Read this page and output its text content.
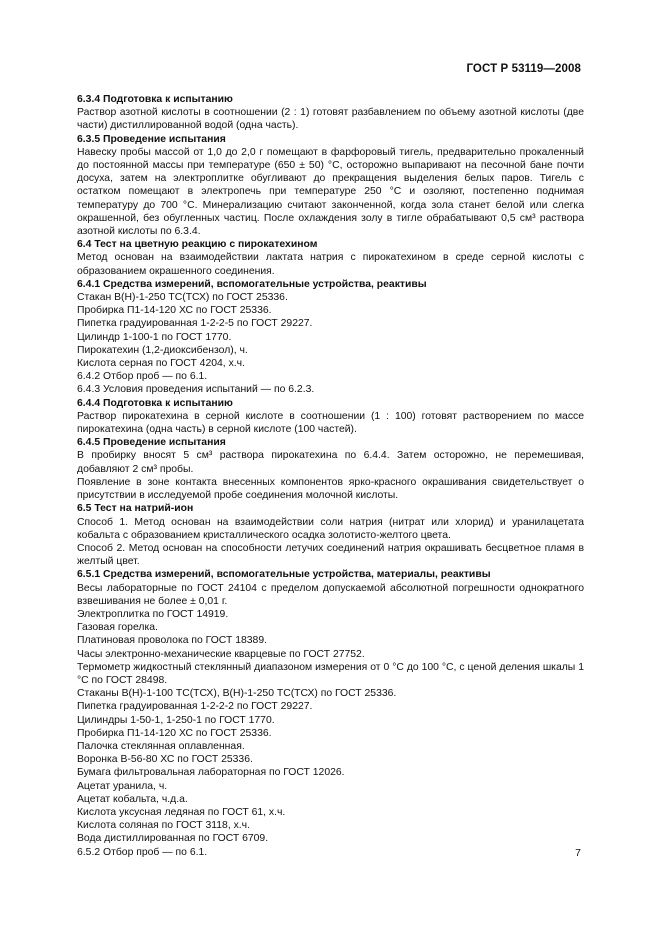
ГОСТ Р 53119—2008

6.3.4 Подготовка к испытанию

Раствор азотной кислоты в соотношении (2 : 1) готовят разбавлением по объему азотной кислоты (две части) дистиллированной водой (одна часть).

6.3.5 Проведение испытания

Навеску пробы массой от 1,0 до 2,0 г помещают в фарфоровый тигель, предварительно прокаленный до постоянной массы при температуре (650 ± 50) °С, осторожно выпаривают на песочной бане почти досуха, затем на электроплитке обугливают до прекращения выделения белых паров. Тигель с остатком помещают в электропечь при температуре 250 °С и озоляют, постепенно поднимая температуру до 700 °С. Минерализацию считают законченной, когда зола станет белой или слегка окрашенной, без обугленных частиц. После охлаждения золу в тигле обрабатывают 0,5 см³ раствора азотной кислоты по 6.3.4.

6.4 Тест на цветную реакцию с пирокатехином

Метод основан на взаимодействии лактата натрия с пирокатехином в среде серной кислоты с образованием окрашенного соединения.

6.4.1 Средства измерений, вспомогательные устройства, реактивы

Стакан В(Н)-1-250 ТС(ТСХ) по ГОСТ 25336.

Пробирка П1-14-120 ХС по ГОСТ 25336.

Пипетка градуированная 1-2-2-5 по ГОСТ 29227.

Цилиндр 1-100-1 по ГОСТ 1770.

Пирокатехин (1,2-диоксибензол), ч.

Кислота серная по ГОСТ 4204, х.ч.

6.4.2 Отбор проб — по 6.1.

6.4.3 Условия проведения испытаний — по 6.2.3.

6.4.4 Подготовка к испытанию

Раствор пирокатехина в серной кислоте в соотношении (1 : 100) готовят растворением по массе пирокатехина (одна часть) в серной кислоте (100 частей).

6.4.5 Проведение испытания

В пробирку вносят 5 см³ раствора пирокатехина по 6.4.4. Затем осторожно, не перемешивая, добавляют 2 см³ пробы.

Появление в зоне контакта внесенных компонентов ярко-красного окрашивания свидетельствует о присутствии в исследуемой пробе соединения молочной кислоты.

6.5 Тест на натрий-ион

Способ 1. Метод основан на взаимодействии соли натрия (нитрат или хлорид) и уранилацетата кобальта с образованием кристаллического осадка золотисто-желтого цвета.

Способ 2. Метод основан на способности летучих соединений натрия окрашивать бесцветное пламя в желтый цвет.

6.5.1 Средства измерений, вспомогательные устройства, материалы, реактивы

Весы лабораторные по ГОСТ 24104 с пределом допускаемой абсолютной погрешности однократного взвешивания не более ± 0,01 г.

Электроплитка по ГОСТ 14919.

Газовая горелка.

Платиновая проволока по ГОСТ 18389.

Часы электронно-механические кварцевые по ГОСТ 27752.

Термометр жидкостный стеклянный диапазоном измерения от 0 °С до 100 °С, с ценой деления шкалы 1 °С по ГОСТ 28498.

Стаканы В(Н)-1-100 ТС(ТСХ), В(Н)-1-250 ТС(ТСХ) по ГОСТ 25336.

Пипетка градуированная 1-2-2-2 по ГОСТ 29227.

Цилиндры 1-50-1, 1-250-1 по ГОСТ 1770.

Пробирка П1-14-120 ХС по ГОСТ 25336.

Палочка стеклянная оплавленная.

Воронка В-56-80 ХС по ГОСТ 25336.

Бумага фильтровальная лабораторная по ГОСТ 12026.

Ацетат уранила, ч.

Ацетат кобальта, ч.д.а.

Кислота уксусная ледяная по ГОСТ 61, х.ч.

Кислота соляная по ГОСТ 3118, х.ч.

Вода дистиллированная по ГОСТ 6709.

6.5.2 Отбор проб — по 6.1.	7
